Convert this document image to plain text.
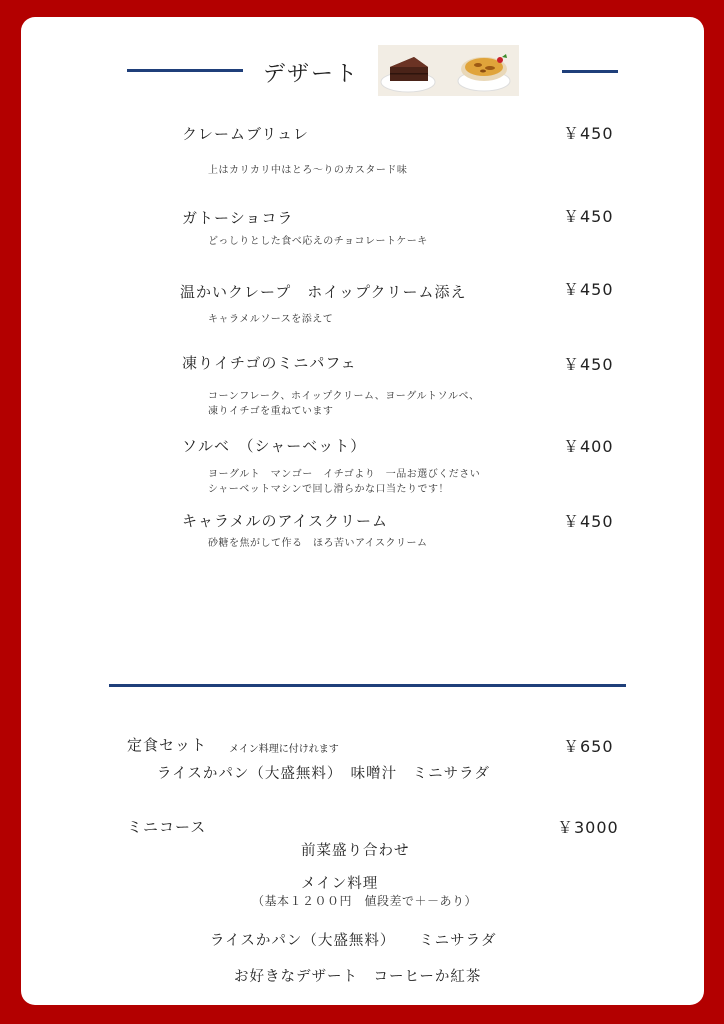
デザート
クレームブリュレ	￥450
上はカリカリ中はとろ～りのカスタード味
ガトーショコラ	￥450
どっしりとした食べ応えのチョコレートケーキ
温かいクレープ　ホイップクリーム添え	￥450
キャラメルソースを添えて
凍りイチゴのミニパフェ	￥450
コーンフレーク、ホイップクリーム、ヨーグルトソルベ、
凍りイチゴを重ねています
ソルベ　（シャーベット）	￥400
ヨーグルト　マンゴー　イチゴより　一品お選びください
シャーベットマシンで回し滑らかな口当たりです！
キャラメルのアイスクリーム	￥450
砂糖を焦がして作る　ほろ苦いアイスクリーム
定食セット メイン料理に付けれます	￥650
ライスかパン（大盛無料）　味噌汁　ミニサラダ
ミニコース	￥3000
前菜盛り合わせ
メイン料理
（基本１２００円　値段差で＋－あり）
ライスかパン（大盛無料）　　ミニサラダ
お好きなデザート　コーヒーか紅茶
